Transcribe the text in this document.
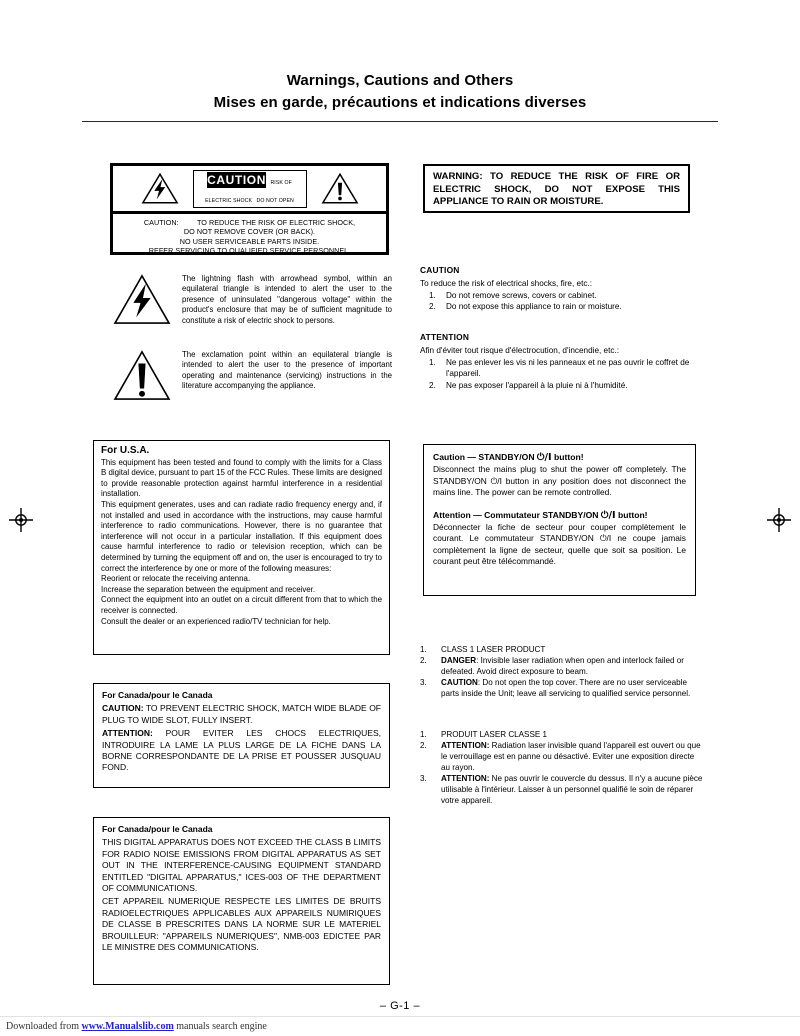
Warnings, Cautions and Others
Mises en garde, précautions et indications diverses
CAUTION RISK OF ELECTRIC SHOCK DO NOT OPEN
CAUTION:	TO REDUCE THE RISK OF ELECTRIC SHOCK,
DO NOT REMOVE COVER (OR BACK).
NO USER SERVICEABLE PARTS INSIDE.
REFER SERVICING TO QUALIFIED SERVICE PERSONNEL.

WARNING: TO REDUCE THE RISK OF FIRE OR ELECTRIC SHOCK, DO NOT EXPOSE THIS APPLIANCE TO RAIN OR MOISTURE.

The lightning flash with arrowhead symbol, within an equilateral triangle is intended to alert the user to the presence of uninsulated "dangerous voltage" within the product's enclosure that may be of sufficient magnitude to constitute a risk of electric shock to persons.
The exclamation point within an equilateral triangle is intended to alert the user to the presence of important operating and maintenance (servicing) instructions in the literature accompanying the appliance.

CAUTION

To reduce the risk of electrical shocks, fire, etc.:

1. Do not remove screws, covers or cabinet.
2. Do not expose this appliance to rain or moisture.

ATTENTION

Afin d'éviter tout risque d'électrocution, d'incendie, etc.:

1. Ne pas enlever les vis ni les panneaux et ne pas ouvrir le coffret de l'appareil.
2. Ne pas exposer l'appareil à la pluie ni à l'humidité.

For U.S.A.

This equipment has been tested and found to comply with the limits for a Class B digital device, pursuant to part 15 of the FCC Rules. These limits are designed to provide reasonable protection against harmful interference in a residential installation.

This equipment generates, uses and can radiate radio frequency energy and, if not installed and used in accordance with the instructions, may cause harmful interference to radio communications. However, there is no guarantee that interference will not occur in a particular installation. If this equipment does cause harmful interference to radio or television reception, which can be determined by turning the equipment off and on, the user is encouraged to try to correct the interference by one or more of the following measures:

Reorient or relocate the receiving antenna.

Increase the separation between the equipment and receiver.

Connect the equipment into an outlet on a circuit different from that to which the receiver is connected.

Consult the dealer or an experienced radio/TV technician for help.

Caution — STANDBY/ON ⏻/I button!

Disconnect the mains plug to shut the power off completely. The STANDBY/ON ⏻/I button in any position does not disconnect the mains line. The power can be remote controlled.

Attention — Commutateur STANDBY/ON ⏻/I button!

Déconnecter la fiche de secteur pour couper complètement le courant. Le commutateur STANDBY/ON ⏻/I ne coupe jamais complètement la ligne de secteur, quelle que soit sa position. Le courant peut être télécommandé.

1. CLASS 1 LASER PRODUCT
2. DANGER: Invisible laser radiation when open and interlock failed or defeated. Avoid direct exposure to beam.
3. CAUTION: Do not open the top cover. There are no user serviceable parts inside the Unit; leave all servicing to qualified service personnel.
1. PRODUIT LASER CLASSE 1
2. ATTENTION: Radiation laser invisible quand l'appareil est ouvert ou que le verrouillage est en panne ou désactivé. Eviter une exposition directe au rayon.
3. ATTENTION: Ne pas ouvrir le couvercle du dessus. Il n'y a aucune pièce utilisable à l'intérieur. Laisser à un personnel qualifié le soin de réparer votre appareil.

For Canada/pour le Canada

CAUTION: TO PREVENT ELECTRIC SHOCK, MATCH WIDE BLADE OF PLUG TO WIDE SLOT, FULLY INSERT.

ATTENTION: POUR EVITER LES CHOCS ELECTRIQUES, INTRODUIRE LA LAME LA PLUS LARGE DE LA FICHE DANS LA BORNE CORRESPONDANTE DE LA PRISE ET POUSSER JUSQUAU FOND.

For Canada/pour le Canada

THIS DIGITAL APPARATUS DOES NOT EXCEED THE CLASS B LIMITS FOR RADIO NOISE EMISSIONS FROM DIGITAL APPARATUS AS SET OUT IN THE INTERFERENCE-CAUSING EQUIPMENT STANDARD ENTITLED "DIGITAL APPARATUS," ICES-003 OF THE DEPARTMENT OF COMMUNICATIONS.

CET APPAREIL NUMERIQUE RESPECTE LES LIMITES DE BRUITS RADIOELECTRIQUES APPLICABLES AUX APPAREILS NUMIRIQUES DE CLASSE B PRESCRITES DANS LA NORME SUR LE MATERIEL BROUILLEUR: "APPAREILS NUMERIQUES", NMB-003 EDICTEE PAR LE MINISTRE DES COMMUNICATIONS.

– G-1 –
Downloaded from www.Manualslib.com manuals search engine
